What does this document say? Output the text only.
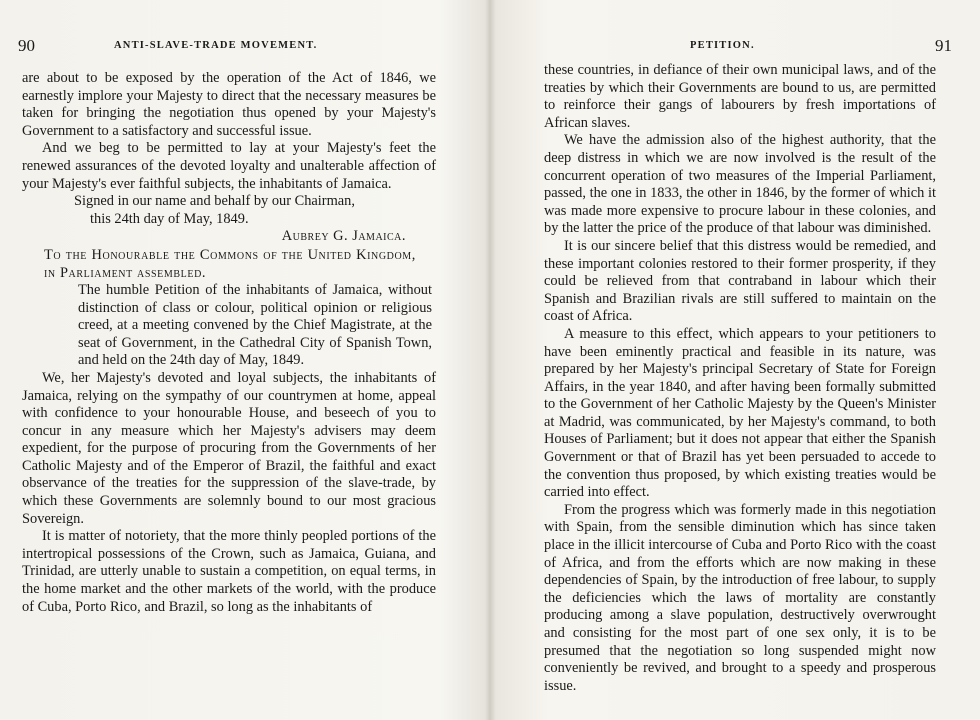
90	ANTI-SLAVE-TRADE MOVEMENT.

are about to be exposed by the operation of the Act of 1846, we earnestly implore your Majesty to direct that the necessary measures be taken for bringing the negotiation thus opened by your Majesty's Government to a satisfactory and successful issue.

And we beg to be permitted to lay at your Majesty's feet the renewed assurances of the devoted loyalty and unalterable affection of your Majesty's ever faithful subjects, the inhabitants of Jamaica.

Signed in our name and behalf by our Chairman,

this 24th day of May, 1849.

Aubrey G. Jamaica.

To the Honourable the Commons of the United Kingdom, in Parliament assembled.

The humble Petition of the inhabitants of Jamaica, without distinction of class or colour, political opinion or religious creed, at a meeting convened by the Chief Magistrate, at the seat of Government, in the Cathedral City of Spanish Town, and held on the 24th day of May, 1849.

We, her Majesty's devoted and loyal subjects, the inhabitants of Jamaica, relying on the sympathy of our countrymen at home, appeal with confidence to your honourable House, and beseech of you to concur in any measure which her Majesty's advisers may deem expedient, for the purpose of procuring from the Governments of her Catholic Majesty and of the Emperor of Brazil, the faithful and exact observance of the treaties for the suppression of the slave-trade, by which these Governments are solemnly bound to our most gracious Sovereign.

It is matter of notoriety, that the more thinly peopled portions of the intertropical possessions of the Crown, such as Jamaica, Guiana, and Trinidad, are utterly unable to sustain a competition, on equal terms, in the home market and the other markets of the world, with the produce of Cuba, Porto Rico, and Brazil, so long as the inhabitants of

PETITION.	91

these countries, in defiance of their own municipal laws, and of the treaties by which their Governments are bound to us, are permitted to reinforce their gangs of labourers by fresh importations of African slaves.

We have the admission also of the highest authority, that the deep distress in which we are now involved is the result of the concurrent operation of two measures of the Imperial Parliament, passed, the one in 1833, the other in 1846, by the former of which it was made more expensive to procure labour in these colonies, and by the latter the price of the produce of that labour was diminished.

It is our sincere belief that this distress would be remedied, and these important colonies restored to their former prosperity, if they could be relieved from that contraband in labour which their Spanish and Brazilian rivals are still suffered to maintain on the coast of Africa.

A measure to this effect, which appears to your petitioners to have been eminently practical and feasible in its nature, was prepared by her Majesty's principal Secretary of State for Foreign Affairs, in the year 1840, and after having been formally submitted to the Government of her Catholic Majesty by the Queen's Minister at Madrid, was communicated, by her Majesty's command, to both Houses of Parliament; but it does not appear that either the Spanish Government or that of Brazil has yet been persuaded to accede to the convention thus proposed, by which existing treaties would be carried into effect.

From the progress which was formerly made in this negotiation with Spain, from the sensible diminution which has since taken place in the illicit intercourse of Cuba and Porto Rico with the coast of Africa, and from the efforts which are now making in these dependencies of Spain, by the introduction of free labour, to supply the deficiencies which the laws of mortality are constantly producing among a slave population, destructively overwrought and consisting for the most part of one sex only, it is to be presumed that the negotiation so long suspended might now conveniently be revived, and brought to a speedy and prosperous issue.
